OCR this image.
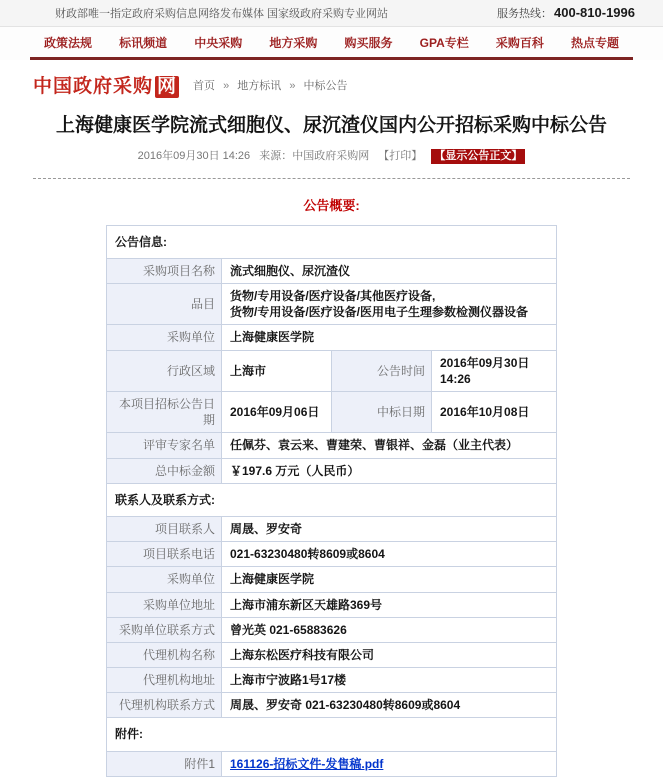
财政部唯一指定政府采购信息网络发布媒体 国家级政府采购专业网站	服务热线： 400-810-1996
政策法规 标讯频道 中央采购 地方采购 购买服务 GPA专栏 采购百科 热点专题
中国政府采购 网 首页 » 地方标讯 » 中标公告
上海健康医学院流式细胞仪、尿沉渣仪国内公开招标采购中标公告
2016年09月30日 14:26 来源：中国政府采购网 【打印】 【显示公告正文】
公告概要:
公告信息:			
采购项目名称	流式细胞仪、尿沉渣仪		
品目	货物/专用设备/医疗设备/其他医疗设备,
货物/专用设备/医疗设备/医用电子生理参数检测仪器设备		
采购单位	上海健康医学院		
行政区域	上海市	公告时间	2016年09月30日 14:26
本项目招标公告日期	2016年09月06日	中标日期	2016年10月08日
评审专家名单	任佩芬、袁云来、曹建荣、曹银祥、金磊（业主代表）		
总中标金额	￥197.6 万元（人民币）		
联系人及联系方式:			
项目联系人	周晟、罗安奇		
项目联系电话	021-63230480转8609或8604		
采购单位	上海健康医学院		
采购单位地址	上海市浦东新区天雄路369号		
采购单位联系方式	曾光英 021-65883626		
代理机构名称	上海东松医疗科技有限公司		
代理机构地址	上海市宁波路1号17楼		
代理机构联系方式	周晟、罗安奇 021-63230480转8609或8604		
附件:			
附件1	161126-招标文件-发售稿.pdf		
